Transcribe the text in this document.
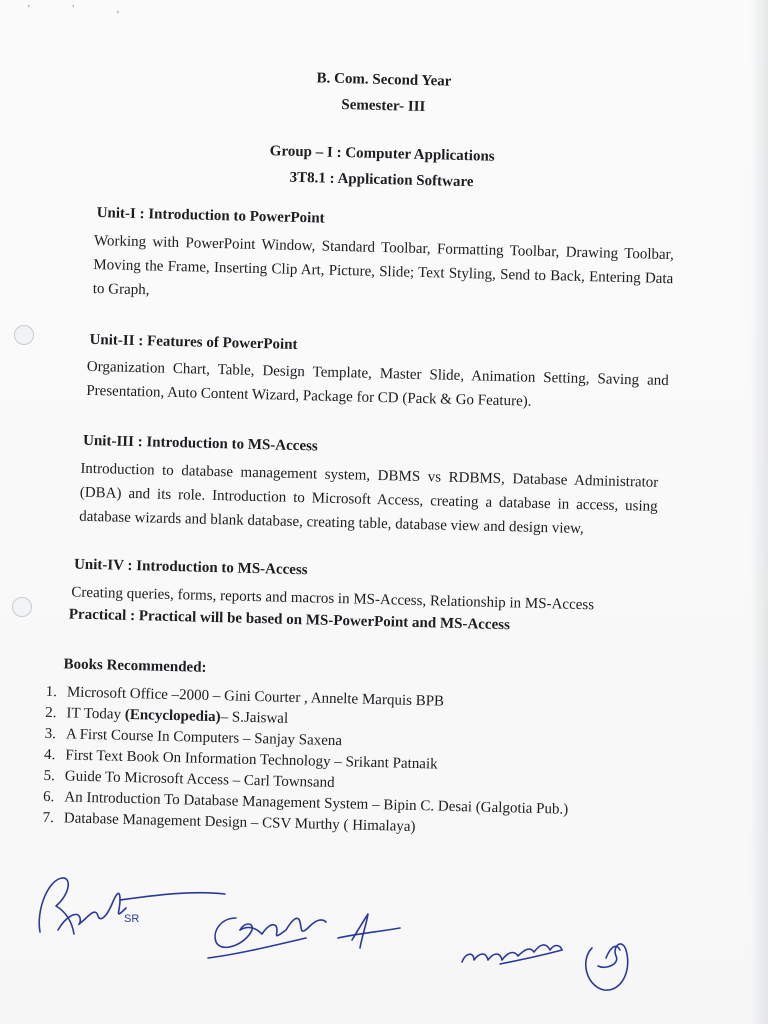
' ' ,
B. Com. Second Year
Semester- III
Group – I : Computer Applications
3T8.1 : Application Software
Unit-I : Introduction to PowerPoint

Working with PowerPoint Window, Standard Toolbar, Formatting Toolbar, Drawing Toolbar, Moving the Frame, Inserting Clip Art, Picture, Slide; Text Styling, Send to Back, Entering Data to Graph,

Unit-II : Features of PowerPoint

Organization Chart, Table, Design Template, Master Slide, Animation Setting, Saving and Presentation, Auto Content Wizard, Package for CD (Pack & Go Feature).

Unit-III : Introduction to MS-Access

Introduction to database management system, DBMS vs RDBMS, Database Administrator (DBA) and its role. Introduction to Microsoft Access, creating a database in access, using database wizards and blank database, creating table, database view and design view,

Unit-IV : Introduction to MS-Access

Creating queries, forms, reports and macros in MS-Access, Relationship in MS-Access

Practical : Practical will be based on MS-PowerPoint and MS-Access
Books Recommended:
1. Microsoft Office –2000 – Gini Courter , Annelte Marquis BPB
2. IT Today
(Encyclopedia) – S.Jaiswal
3. A First Course In Computers – Sanjay Saxena
4. First Text Book On Information Technology – Srikant Patnaik
5. Guide To Microsoft Access – Carl Townsand
6. An Introduction To Database Management System – Bipin C. Desai (Galgotia Pub.)
7. Database Management Design – CSV Murthy ( Himalaya)
SR
